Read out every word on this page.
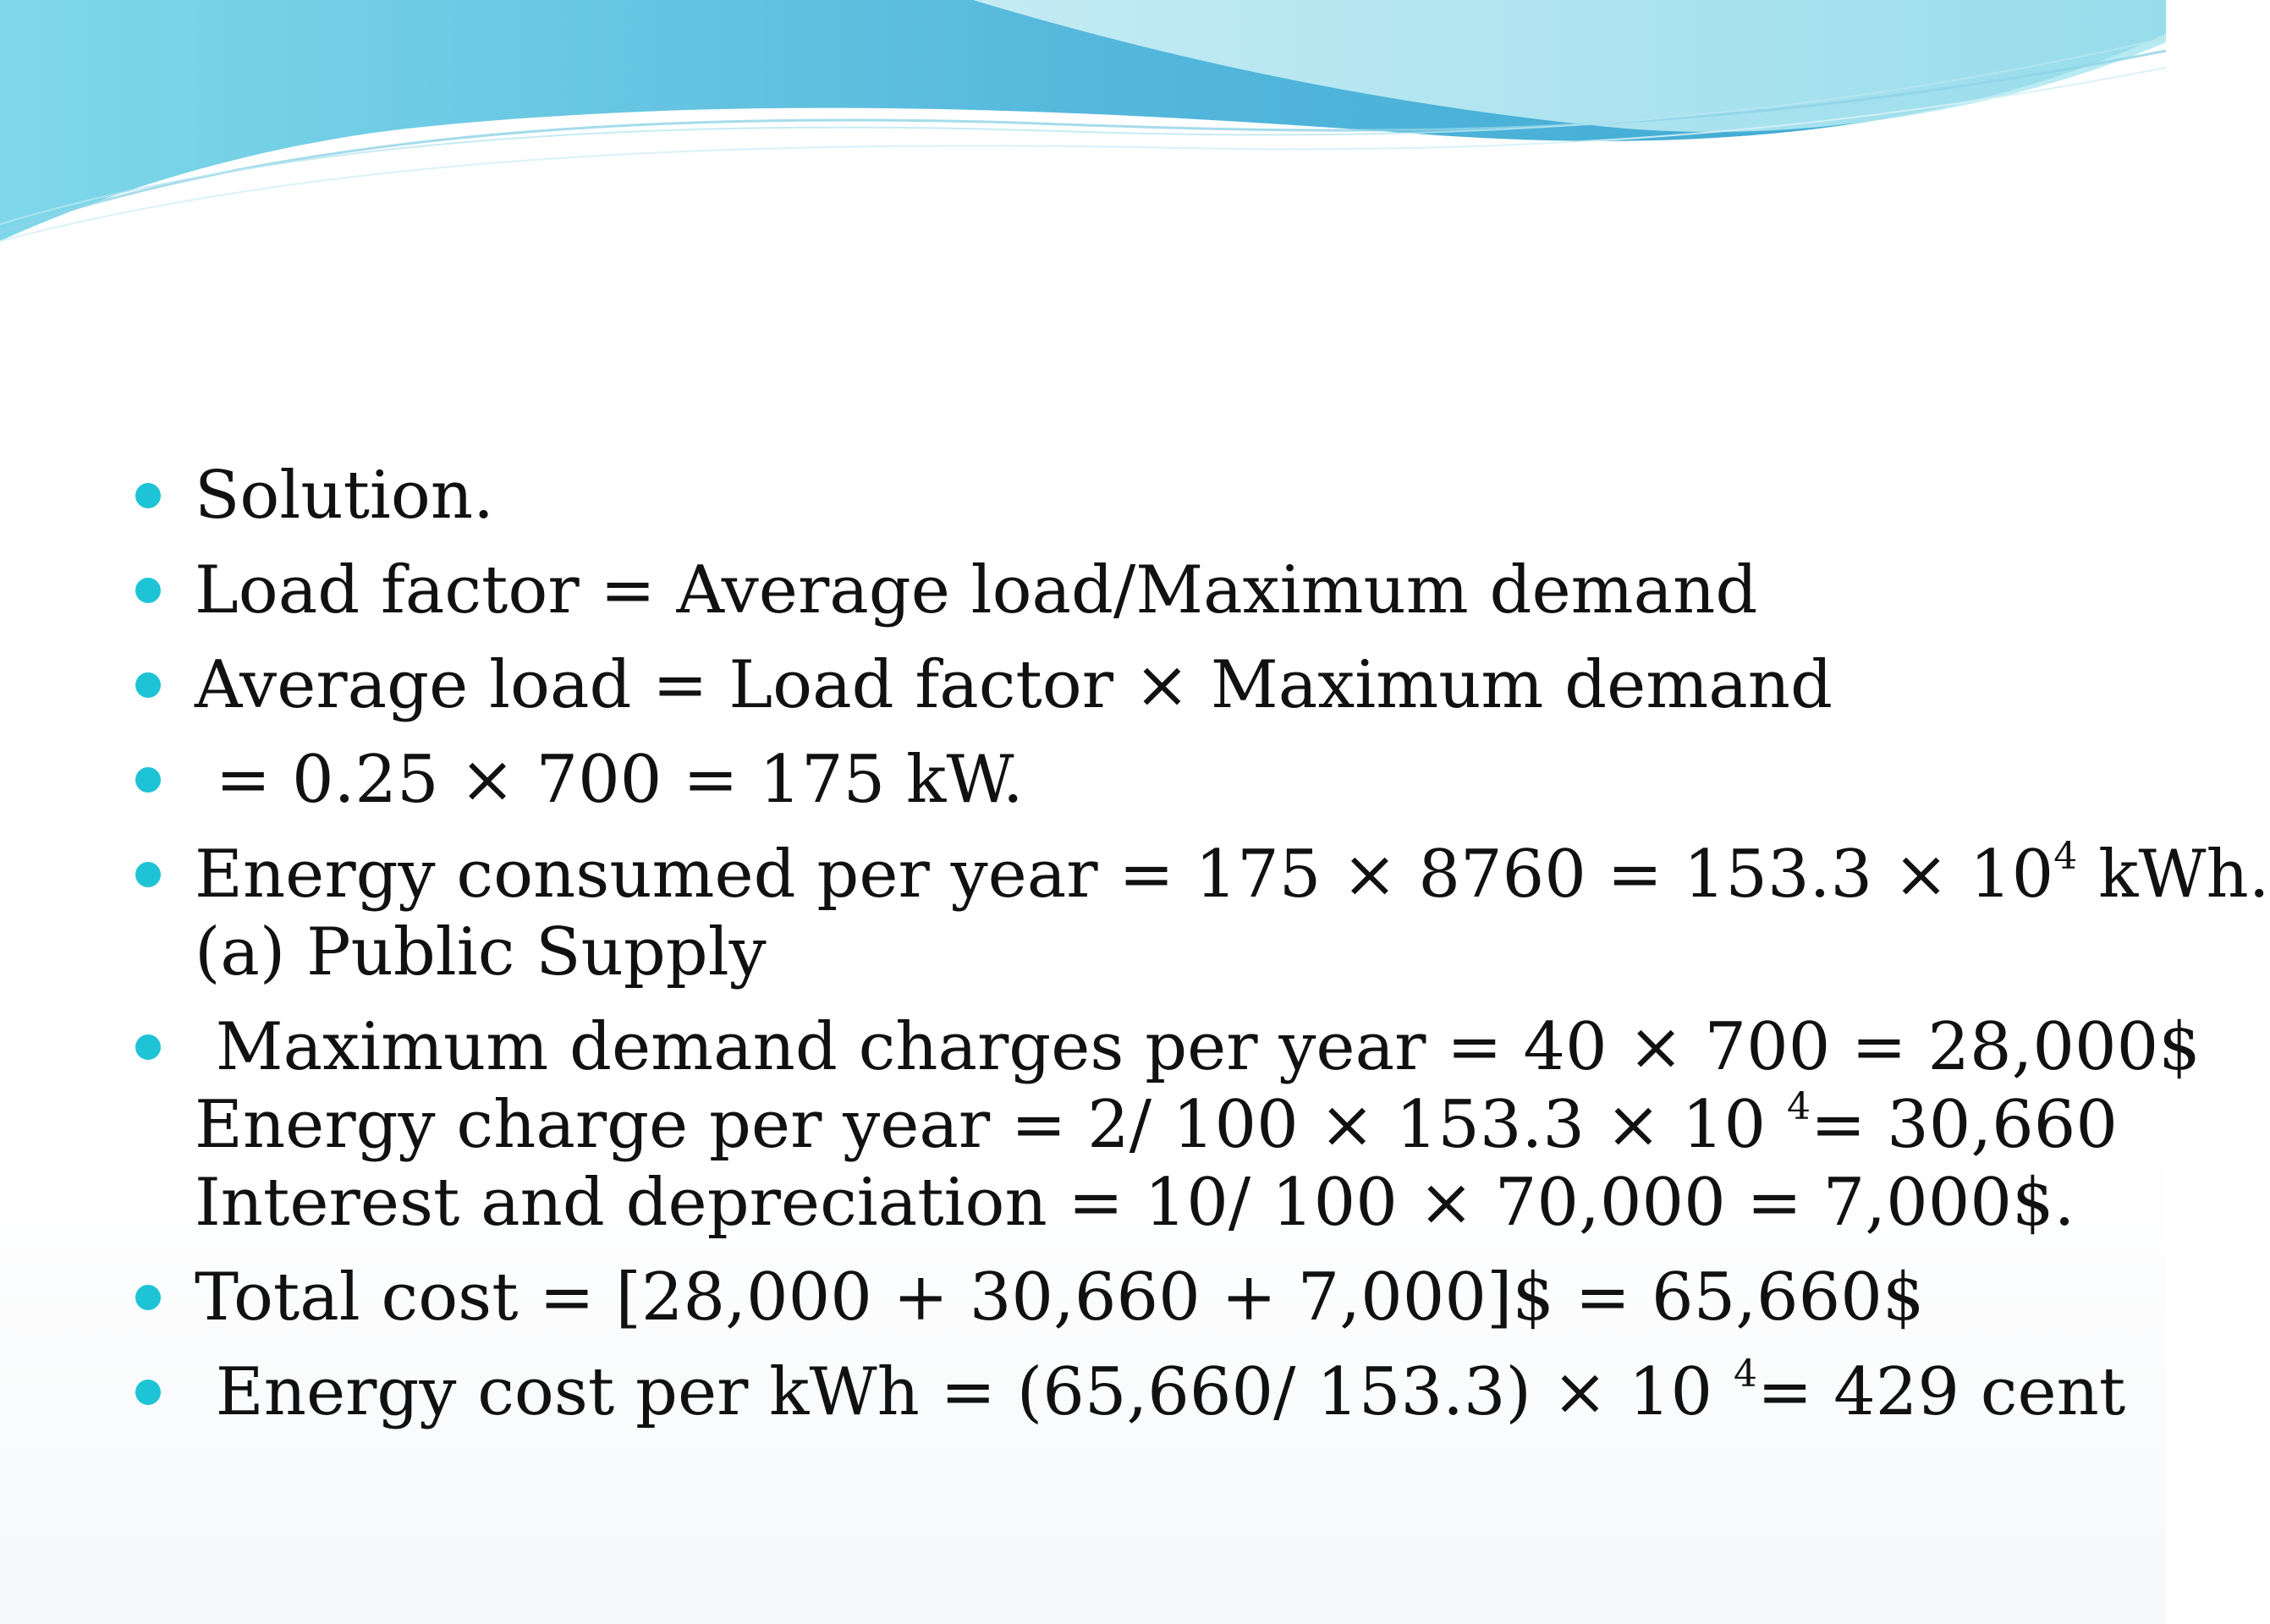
Solution.
Load factor = Average load/Maximum demand
Average load = Load factor × Maximum demand
= 0.25 × 700 = 175 kW.
Energy consumed per year = $175 \times 8760 = 153.3 \times 10^4$ kWh.
(a) Public Supply
Maximum demand charges per year = 40 × 700 = 28,000$
Energy charge per year = 2/ 100 × 153.3 × 10 $^4$= 30,660
Interest and depreciation = 10/ 100 × 70,000 = 7,000$.
Total cost = [28,000 + 30,660 + 7,000]$ = 65,660$
Energy cost per kWh = (65,660/ 153.3) × 10 $^4$= 429 cent
